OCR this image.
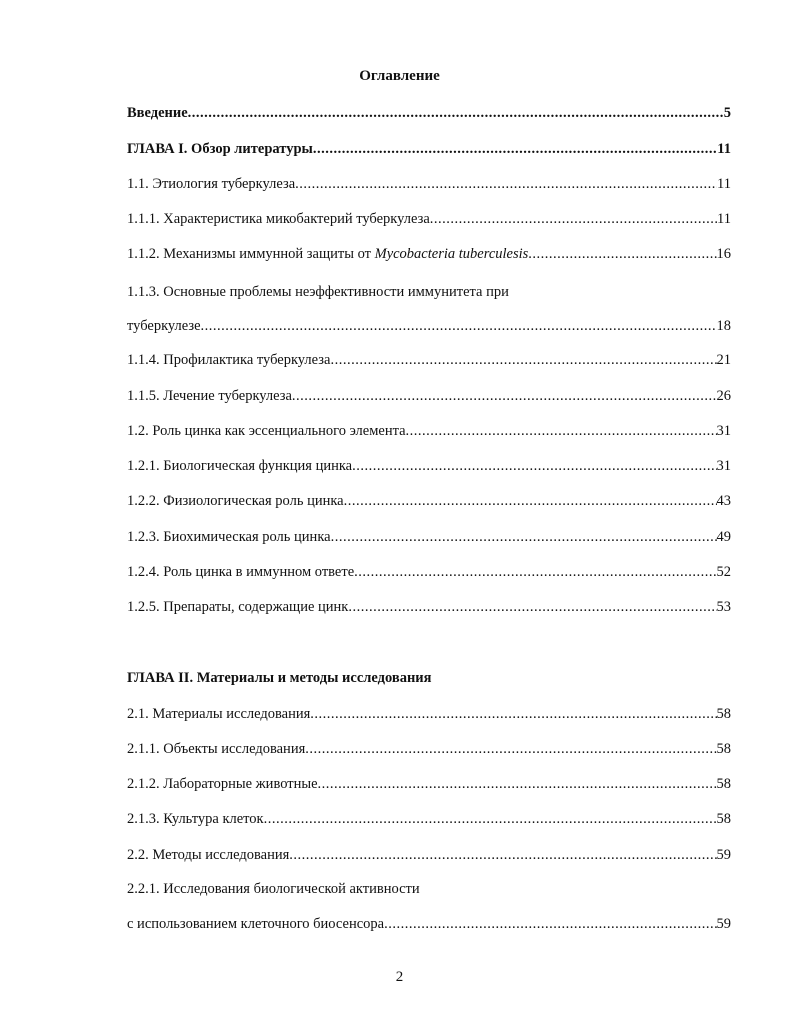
Оглавление
Введение .....	5
ГЛАВА I. Обзор литературы .....	11
1.1. Этиология туберкулеза .....	11
1.1.1. Характеристика микобактерий туберкулеза .....	11
1.1.2. Механизмы иммунной защиты от Mycobacteria tuberculesis .....	16
1.1.3. Основные проблемы неэффективности иммунитета при
туберкулезе .....	18
1.1.4. Профилактика туберкулеза .....	21
1.1.5. Лечение туберкулеза .....	26
1.2. Роль цинка как эссенциального элемента .....	31
1.2.1. Биологическая функция цинка .....	31
1.2.2. Физиологическая роль цинка .....	43
1.2.3. Биохимическая роль цинка .....	49
1.2.4. Роль цинка в иммунном ответе .....	52
1.2.5. Препараты, содержащие цинк .....	53
ГЛАВА II. Материалы и методы исследования
2.1. Материалы исследования .....	58
2.1.1. Объекты исследования .....	58
2.1.2. Лабораторные животные .....	58
2.1.3. Культура клеток .....	58
2.2. Методы исследования .....	59
2.2.1. Исследования биологической активности
с использованием клеточного биосенсора .....	59
2
